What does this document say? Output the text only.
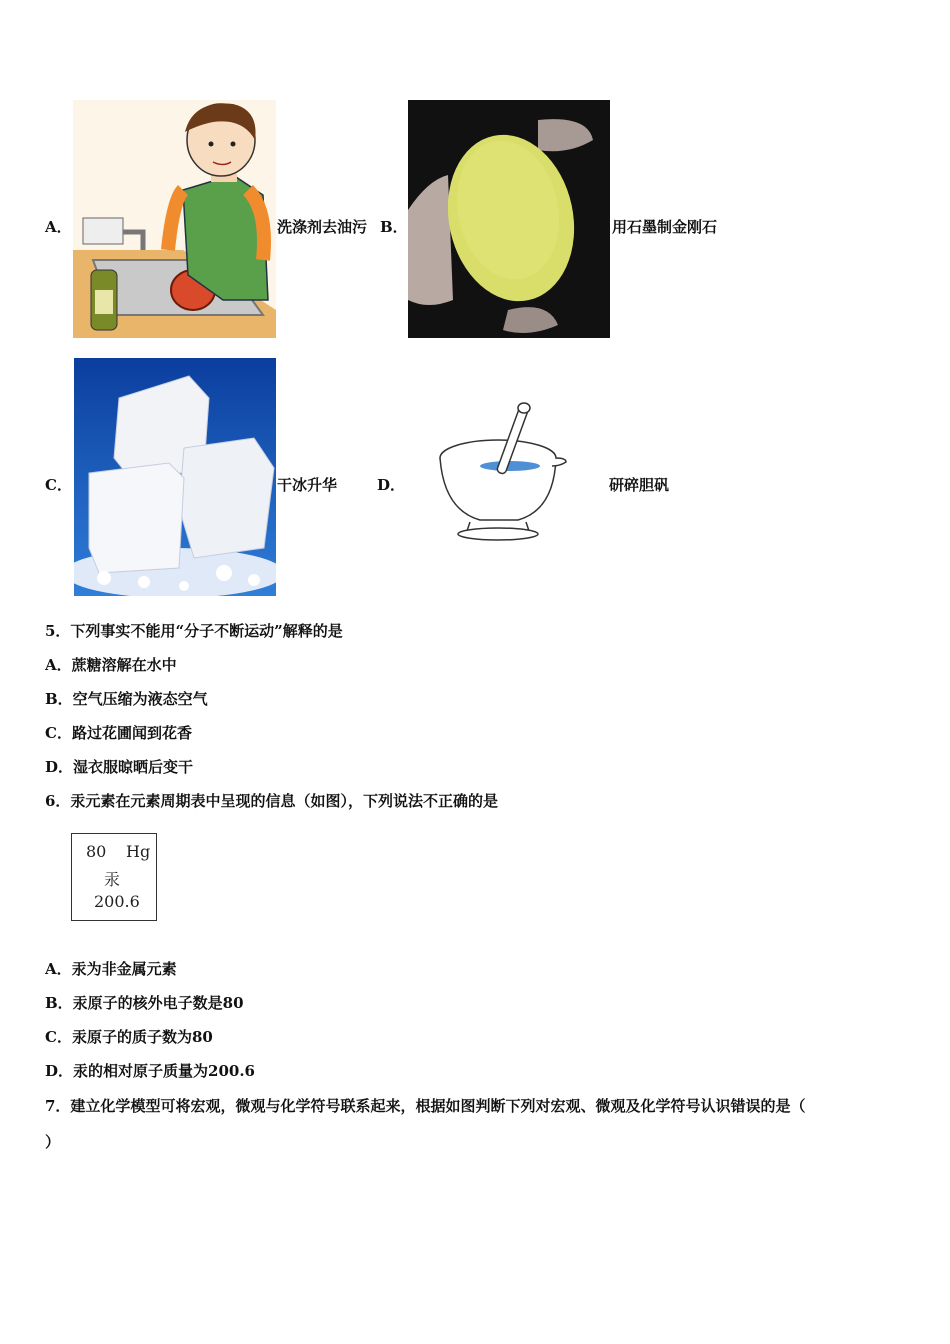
A．	洗涤剂去油污 B．	用石墨制金刚石
C．	干冰升华	D．	研碎胆矾
5．下列事实不能用“分子不断运动”解释的是
A．蔗糖溶解在水中
B．空气压缩为液态空气
C．路过花圃闻到花香
D．湿衣服晾晒后变干
6．汞元素在元素周期表中呈现的信息（如图），下列说法不正确的是
80 Hg
汞
200.6
A．汞为非金属元素
B．汞原子的核外电子数是80
C．汞原子的质子数为80
D．汞的相对原子质量为200.6
7．建立化学模型可将宏观，微观与化学符号联系起来，根据如图判断下列对宏观、微观及化学符号认识错误的是（
）
